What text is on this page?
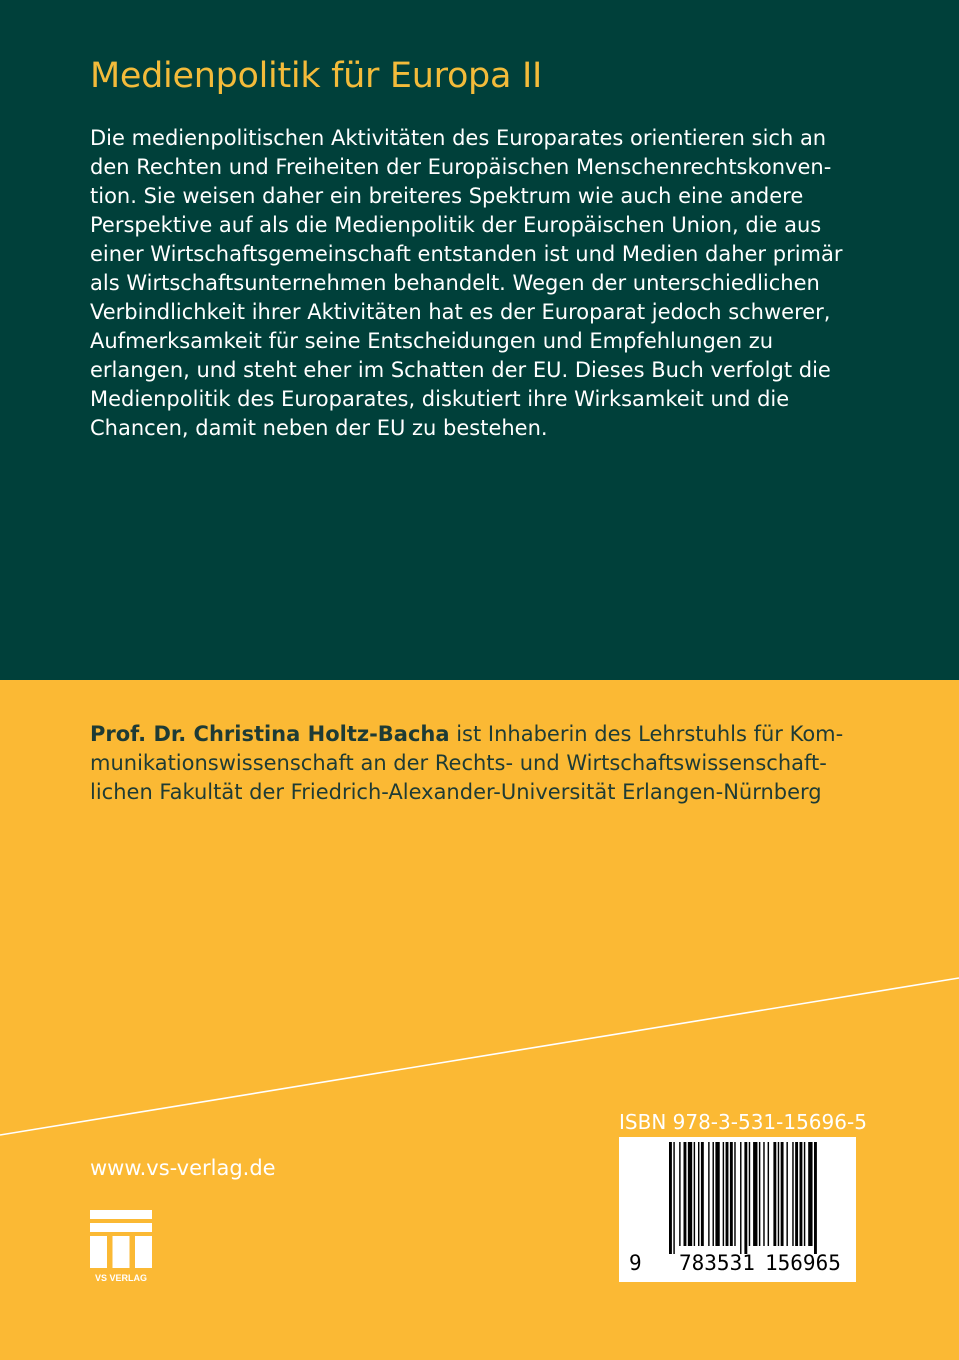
Medienpolitik für Europa II
Die medienpolitischen Aktivitäten des Europarates orientieren sich an
den Rechten und Freiheiten der Europäischen Menschenrechtskonven-
tion. Sie weisen daher ein breiteres Spektrum wie auch eine andere
Perspektive auf als die Medienpolitik der Europäischen Union, die aus
einer Wirtschaftsgemeinschaft entstanden ist und Medien daher primär
als Wirtschaftsunternehmen behandelt. Wegen der unterschiedlichen
Verbindlichkeit ihrer Aktivitäten hat es der Europarat jedoch schwerer,
Aufmerksamkeit für seine Entscheidungen und Empfehlungen zu
erlangen, und steht eher im Schatten der EU. Dieses Buch verfolgt die
Medienpolitik des Europarates, diskutiert ihre Wirksamkeit und die
Chancen, damit neben der EU zu bestehen.
Prof. Dr. Christina Holtz-Bacha ist Inhaberin des Lehrstuhls für Kom-
munikationswissenschaft an der Rechts- und Wirtschaftswissenschaft-
lichen Fakultät der Friedrich-Alexander-Universität Erlangen-Nürnberg
www.vs-verlag.de
VS VERLAG
ISBN 978-3-531-15696-5
9 783531 156965
